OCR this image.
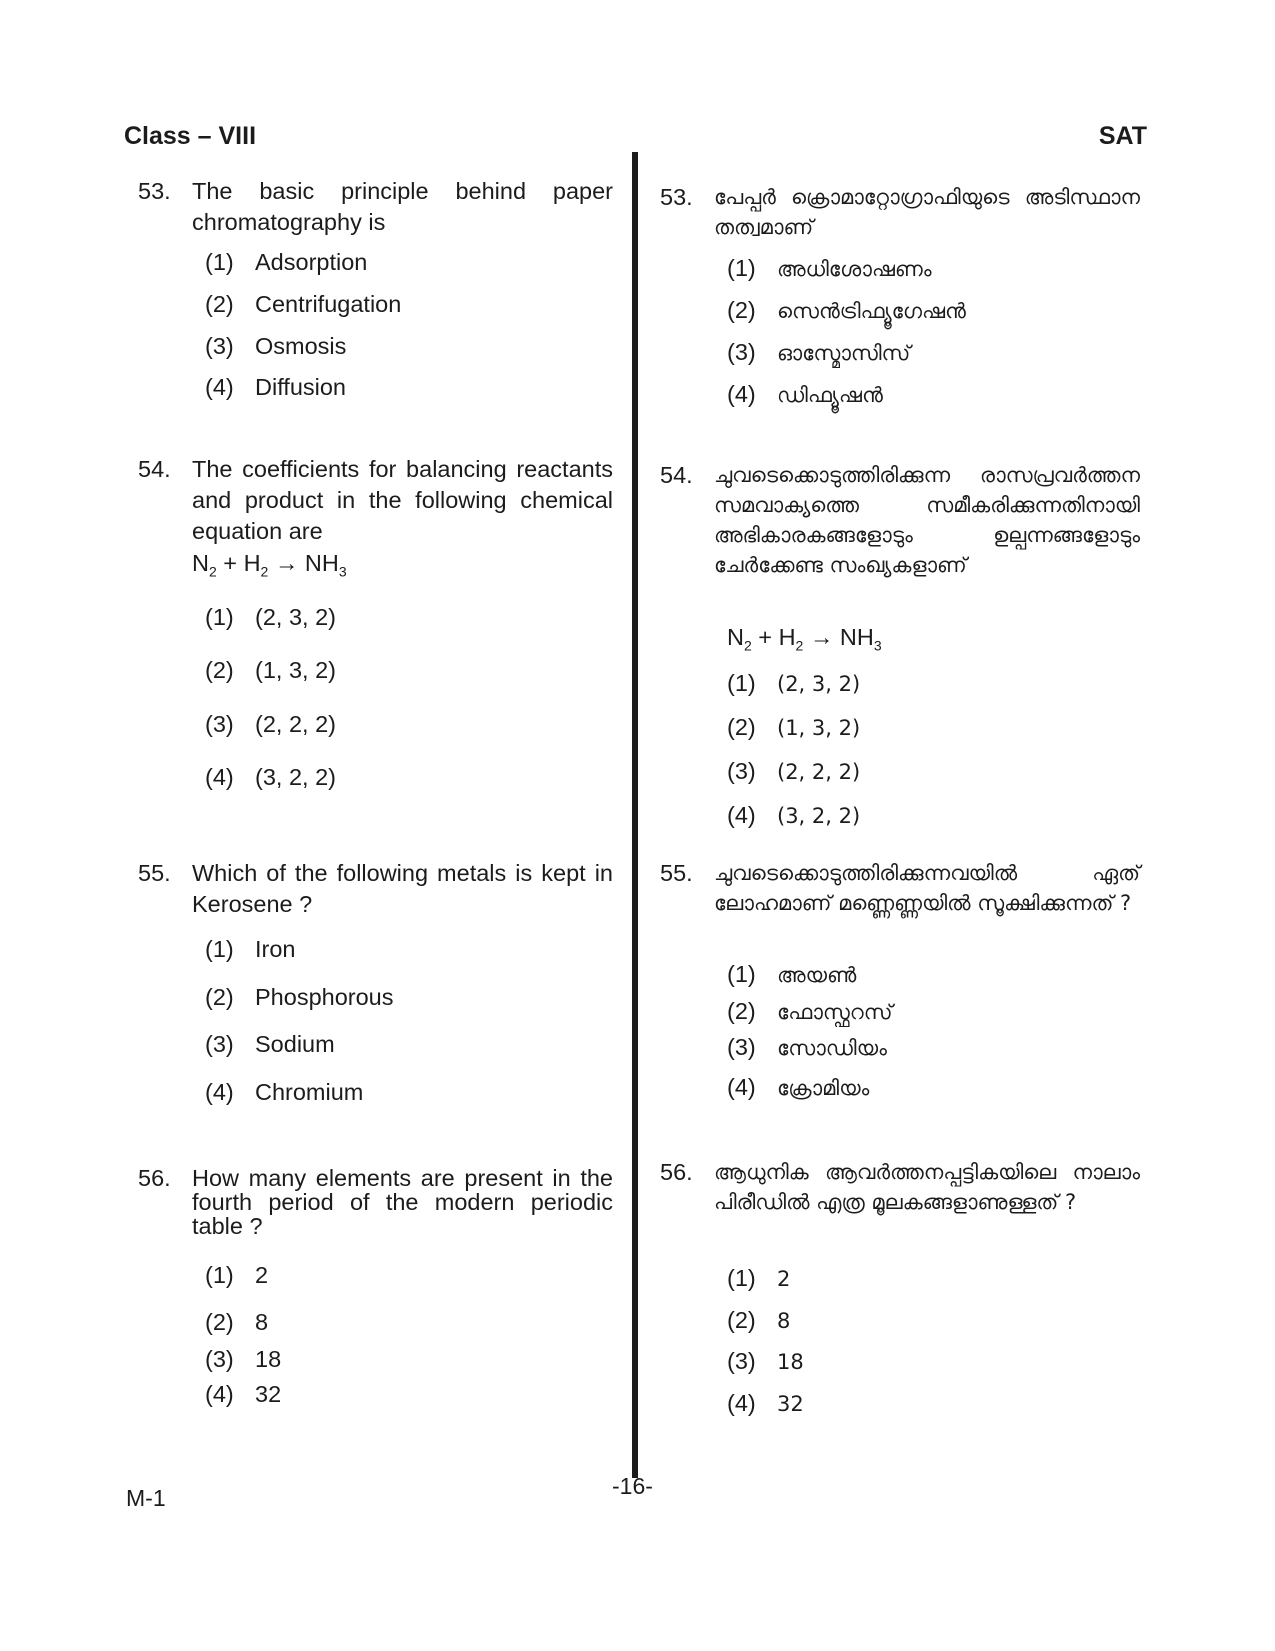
Class – VIII	SAT
53. The basic principle behind paper chromatography is
(1) Adsorption
(2) Centrifugation
(3) Osmosis
(4) Diffusion
54. The coefficients for balancing reactants and product in the following chemical equation are
$N_2 + H_2 \to NH_3$
(1) (2, 3, 2)
(2) (1, 3, 2)
(3) (2, 2, 2)
(4) (3, 2, 2)
55. Which of the following metals is kept in Kerosene ?
(1) Iron
(2) Phosphorous
(3) Sodium
(4) Chromium
56. How many elements are present in the fourth period of the modern periodic table ?
(1) 2
(2) 8
(3) 18
(4) 32
53.	പേപ്പർ ക്രൊമാറ്റോഗ്രാഫിയുടെ അടിസ്ഥാന തത്വമാണ്
(1) അധിശോഷണം
(2) സെൻട്രിഫ്യൂഗേഷൻ
(3) ഓസ്മോസിസ്
(4) ഡിഫ്യൂഷൻ
54.	ചുവടെക്കൊടുത്തിരിക്കുന്ന രാസപ്രവർത്തന സമവാക്യത്തെ സമീകരിക്കുന്നതിനായി അഭികാരകങ്ങളോടും ഉല്പന്നങ്ങളോടും ചേർക്കേണ്ട സംഖ്യകളാണ്
$N_2 + H_2 \to NH_3$
(1) (2, 3, 2)
(2) (1, 3, 2)
(3) (2, 2, 2)
(4) (3, 2, 2)
55.	ചുവടെക്കൊടുത്തിരിക്കുന്നവയിൽ ഏത് ലോഹമാണ് മണ്ണെണ്ണയിൽ സൂക്ഷിക്കുന്നത് ?
(1) അയൺ
(2) ഫോസ്ഫറസ്
(3) സോഡിയം
(4) ക്രോമിയം
56.	ആധുനിക ആവർത്തനപ്പട്ടികയിലെ നാലാം പിരീഡിൽ എത്ര മൂലകങ്ങളാണുള്ളത് ?
(1) 2
(2) 8
(3) 18
(4) 32
M-1	-16-
